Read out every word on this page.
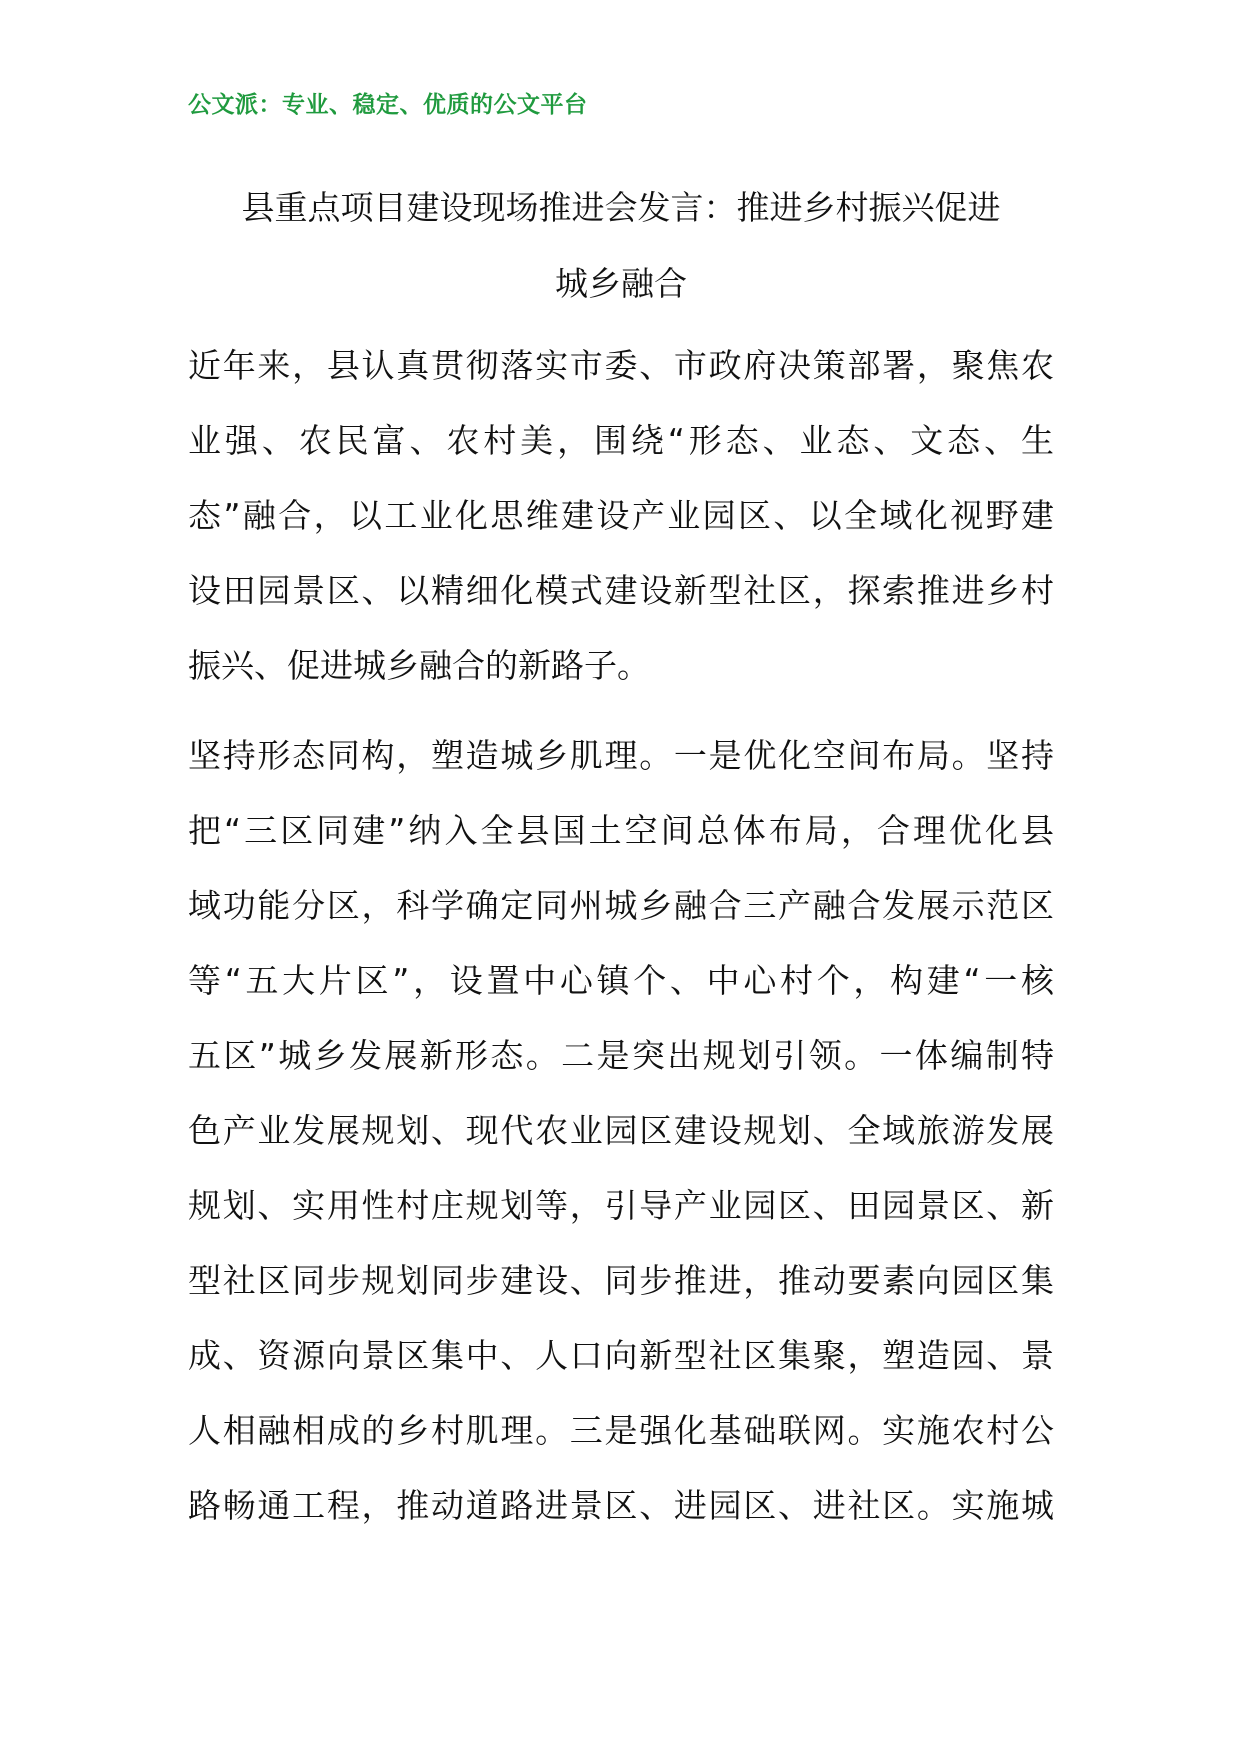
公文派：专业、稳定、优质的公文平台
县重点项目建设现场推进会发言：推进乡村振兴促进
城乡融合

近年来，县认真贯彻落实市委、市政府决策部署，聚焦农
业强、农民富、农村美，围绕“形态、业态、文态、生
态”融合，以工业化思维建设产业园区、以全域化视野建
设田园景区、以精细化模式建设新型社区，探索推进乡村
振兴、促进城乡融合的新路子。

坚持形态同构，塑造城乡肌理。一是优化空间布局。坚持
把“三区同建”纳入全县国土空间总体布局，合理优化县
域功能分区，科学确定同州城乡融合三产融合发展示范区
等“五大片区”，设置中心镇个、中心村个，构建“一核
五区”城乡发展新形态。二是突出规划引领。一体编制特
色产业发展规划、现代农业园区建设规划、全域旅游发展
规划、实用性村庄规划等，引导产业园区、田园景区、新
型社区同步规划同步建设、同步推进，推动要素向园区集
成、资源向景区集中、人口向新型社区集聚，塑造园、景
人相融相成的乡村肌理。三是强化基础联网。实施农村公
路畅通工程，推动道路进景区、进园区、进社区。实施城
